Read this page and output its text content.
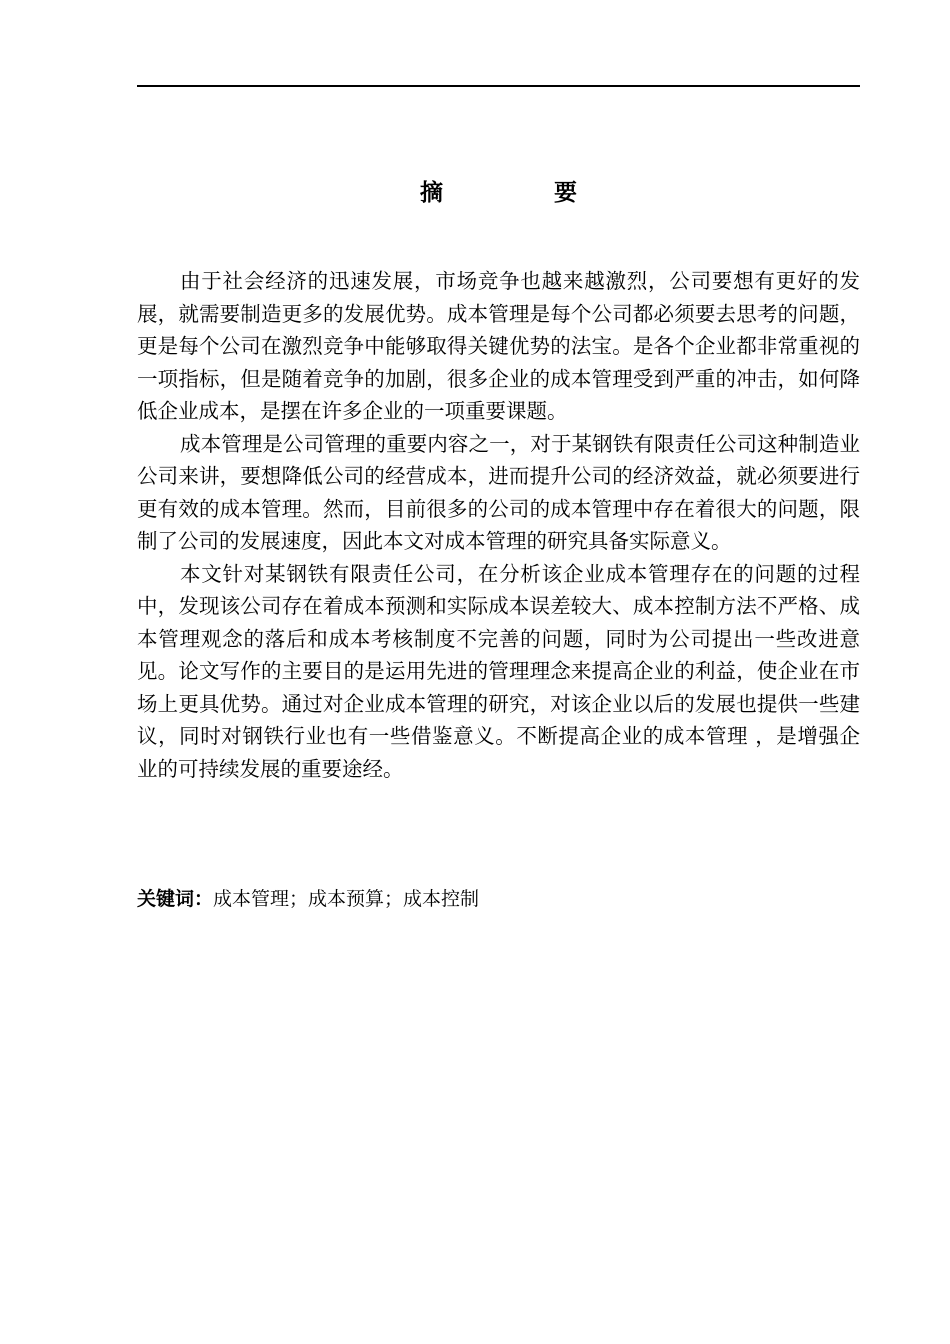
摘　要

由于社会经济的迅速发展，市场竞争也越来越激烈，公司要想有更好的发展，就需要制造更多的发展优势。成本管理是每个公司都必须要去思考的问题，更是每个公司在激烈竞争中能够取得关键优势的法宝。是各个企业都非常重视的一项指标，但是随着竞争的加剧，很多企业的成本管理受到严重的冲击，如何降低企业成本，是摆在许多企业的一项重要课题。

成本管理是公司管理的重要内容之一，对于某钢铁有限责任公司这种制造业公司来讲，要想降低公司的经营成本，进而提升公司的经济效益，就必须要进行更有效的成本管理。然而，目前很多的公司的成本管理中存在着很大的问题，限制了公司的发展速度，因此本文对成本管理的研究具备实际意义。

本文针对某钢铁有限责任公司，在分析该企业成本管理存在的问题的过程中，发现该公司存在着成本预测和实际成本误差较大、成本控制方法不严格、成本管理观念的落后和成本考核制度不完善的问题，同时为公司提出一些改进意见。论文写作的主要目的是运用先进的管理理念来提高企业的利益，使企业在市场上更具优势。通过对企业成本管理的研究，对该企业以后的发展也提供一些建议，同时对钢铁行业也有一些借鉴意义。不断提高企业的成本管理 ，是增强企业的可持续发展的重要途经。

关键词：成本管理；成本预算；成本控制
